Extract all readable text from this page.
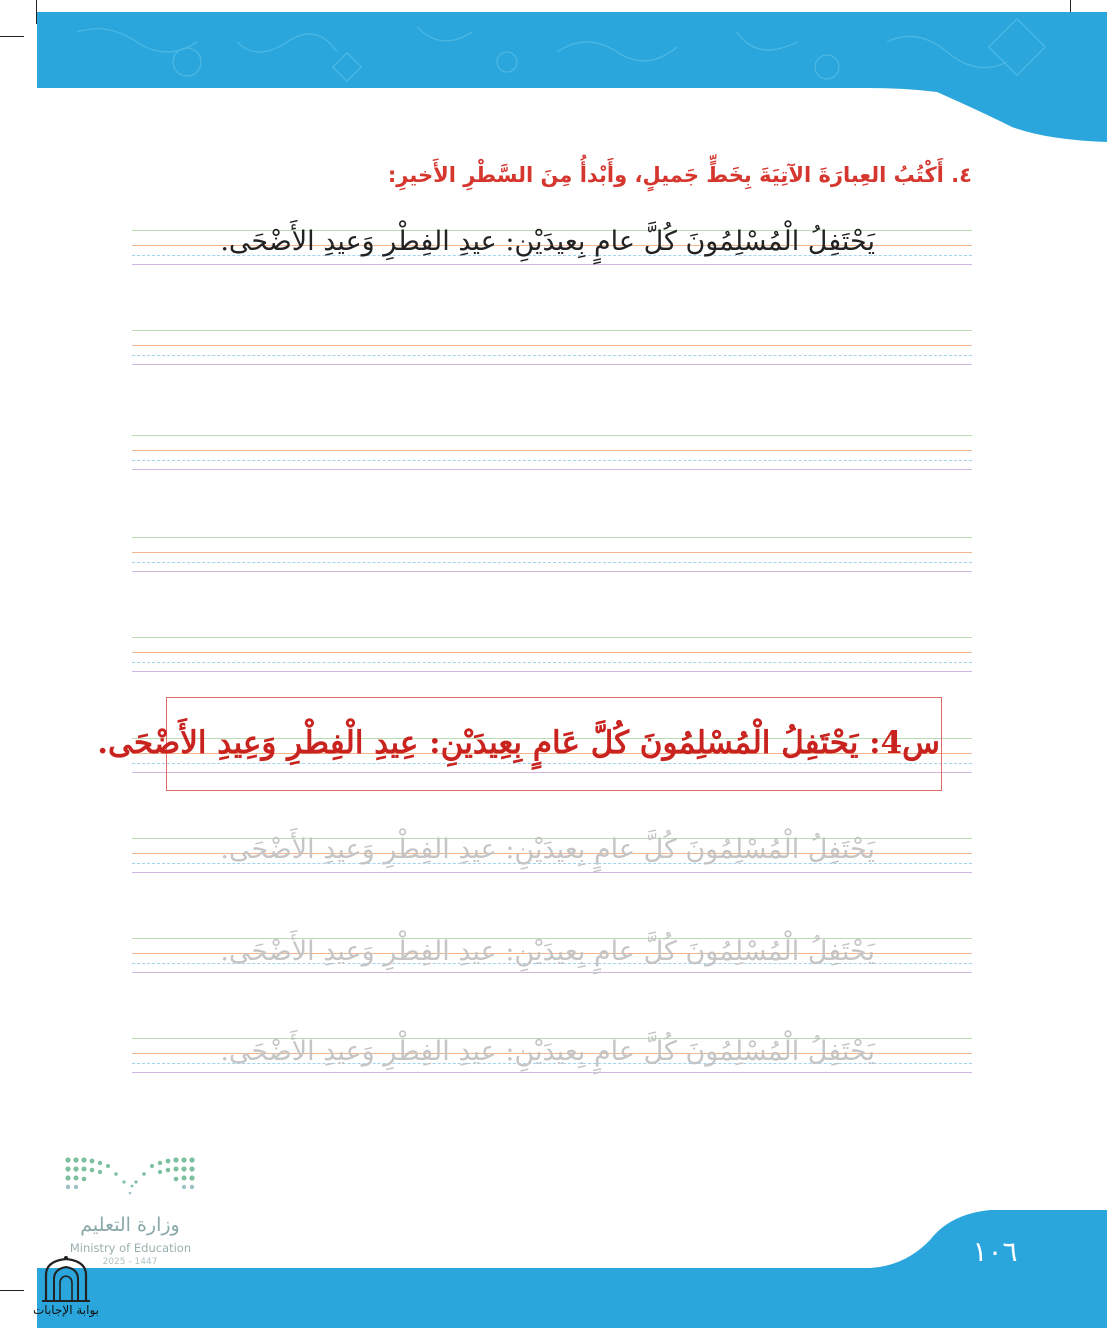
٤. أَكْتُبُ العِبارَةَ الآتِيَةَ بِخَطٍّ جَميلٍ، وأَبْدأُ مِنَ السَّطْرِ الأَخيرِ:
يَحْتَفِلُ الْمُسْلِمُونَ كُلَّ عامٍ بِعيدَيْنِ: عيدِ الفِطْرِ وَعيدِ الأَضْحَى.
س4: يَحْتَفِلُ الْمُسْلِمُونَ كُلَّ عَامٍ بِعِيدَيْنِ: عِيدِ الْفِطْرِ وَعِيدِ الأَضْحَى.
يَحْتَفِلُ الْمُسْلِمُونَ كُلَّ عامٍ بِعيدَيْنِ: عيدِ الفِطْرِ وَعيدِ الأَضْحَى.
يَحْتَفِلُ الْمُسْلِمُونَ كُلَّ عامٍ بِعيدَيْنِ: عيدِ الفِطْرِ وَعيدِ الأَضْحَى.
يَحْتَفِلُ الْمُسْلِمُونَ كُلَّ عامٍ بِعيدَيْنِ: عيدِ الفِطْرِ وَعيدِ الأَضْحَى.
١٠٦
وزارة التعليم
Ministry of Education
2025 - 1447
بوابة الإجابات
